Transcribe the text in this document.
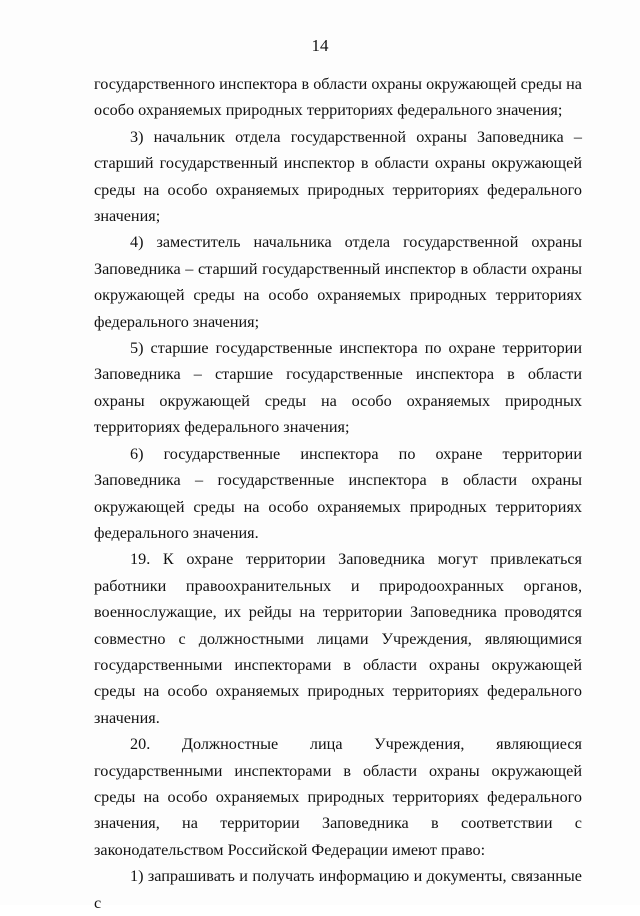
14

государственного инспектора в области охраны окружающей среды на особо охраняемых природных территориях федерального значения;

3) начальник отдела государственной охраны Заповедника – старший государственный инспектор в области охраны окружающей среды на особо охраняемых природных территориях федерального значения;

4) заместитель начальника отдела государственной охраны Заповедника – старший государственный инспектор в области охраны окружающей среды на особо охраняемых природных территориях федерального значения;

5) старшие государственные инспектора по охране территории Заповедника – старшие государственные инспектора в области охраны окружающей среды на особо охраняемых природных территориях федерального значения;

6) государственные инспектора по охране территории Заповедника – государственные инспектора в области охраны окружающей среды на особо охраняемых природных территориях федерального значения.

19. К охране территории Заповедника могут привлекаться работники правоохранительных и природоохранных органов, военнослужащие, их рейды на территории Заповедника проводятся совместно с должностными лицами Учреждения, являющимися государственными инспекторами в области охраны окружающей среды на особо охраняемых природных территориях федерального значения.

20. Должностные лица Учреждения, являющиеся государственными инспекторами в области охраны окружающей среды на особо охраняемых природных территориях федерального значения, на территории Заповедника в соответствии с законодательством Российской Федерации имеют право:

1) запрашивать и получать информацию и документы, связанные с
